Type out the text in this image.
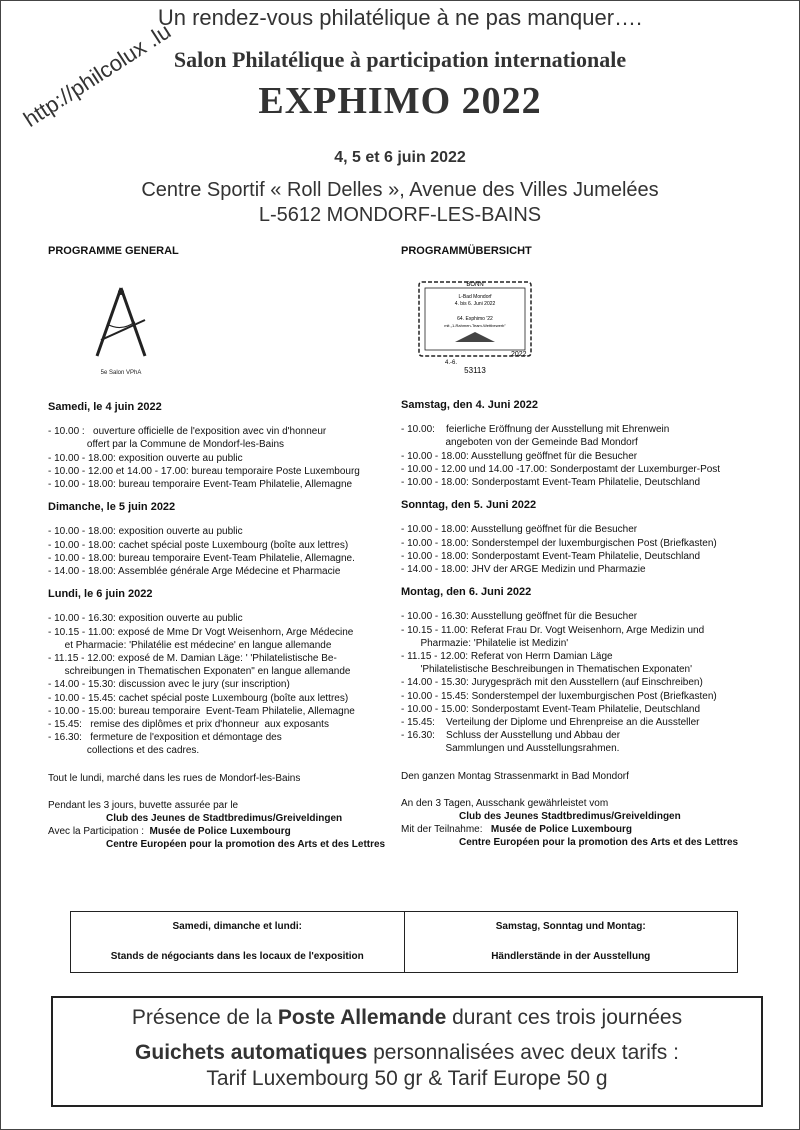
Un rendez-vous philatélique à ne pas manquer….
Salon Philatélique à participation internationale
EXPHIMO 2022
http://philcolux .lu
4, 5 et 6 juin 2022
Centre Sportif « Roll Delles », Avenue des Villes Jumelées
L-5612 MONDORF-LES-BAINS
PROGRAMME GENERAL	PROGRAMMÜBERSICHT
5e Salon VPhA
BONN
L-Bad Mondorf
4. bis 6. Juni 2022
64. Exphimo '22
mit „1-Rahmen-Team-Wettbewerb"
4.-6.
2022
53113
Samedi, le 4 juin 2022
- 10.00 :   ouverture officielle de l'exposition avec vin d'honneur
offert par la Commune de Mondorf-les-Bains
- 10.00 - 18.00: exposition ouverte au public
- 10.00 - 12.00 et 14.00 - 17.00: bureau temporaire Poste Luxembourg
- 10.00 - 18.00: bureau temporaire Event-Team Philatelie, Allemagne
Dimanche, le 5 juin 2022
- 10.00 - 18.00: exposition ouverte au public
- 10.00 - 18.00: cachet spécial poste Luxembourg (boîte aux lettres)
- 10.00 - 18.00: bureau temporaire Event-Team Philatelie, Allemagne.
- 14.00 - 18.00: Assemblée générale Arge Médecine et Pharmacie
Lundi, le 6 juin 2022
- 10.00 - 16.30: exposition ouverte au public
- 10.15 - 11.00: exposé de Mme Dr Vogt Weisenhorn, Arge Médecine
et Pharmacie: 'Philatélie est médecine' en langue allemande
- 11.15 - 12.00: exposé de M. Damian Läge: ' 'Philatelistische Be-
schreibungen in Thematischen Exponaten" en langue allemande
- 14.00 - 15.30: discussion avec le jury (sur inscription)
- 10.00 - 15.45: cachet spécial poste Luxembourg (boîte aux lettres)
- 10.00 - 15.00: bureau temporaire  Event-Team Philatelie, Allemagne
- 15.45:   remise des diplômes et prix d'honneur  aux exposants
- 16.30:   fermeture de l'exposition et démontage des
collections et des cadres.
Tout le lundi, marché dans les rues de Mondorf-les-Bains
Pendant les 3 jours, buvette assurée par le
Club des Jeunes de Stadtbredimus/Greiveldingen
Avec la Participation : Musée de Police Luxembourg
Centre Européen pour la promotion des Arts et des Lettres
Samstag, den 4. Juni 2022
- 10.00:    feierliche Eröffnung der Ausstellung mit Ehrenwein
angeboten von der Gemeinde Bad Mondorf
- 10.00 - 18.00: Ausstellung geöffnet für die Besucher
- 10.00 - 12.00 und 14.00 -17.00: Sonderpostamt der Luxemburger-Post
- 10.00 - 18.00: Sonderpostamt Event-Team Philatelie, Deutschland
Sonntag, den 5. Juni 2022
- 10.00 - 18.00: Ausstellung geöffnet für die Besucher
- 10.00 - 18.00: Sonderstempel der luxemburgischen Post (Briefkasten)
- 10.00 - 18.00: Sonderpostamt Event-Team Philatelie, Deutschland
- 14.00 - 18.00: JHV der ARGE Medizin und Pharmazie
Montag, den 6. Juni 2022
- 10.00 - 16.30: Ausstellung geöffnet für die Besucher
- 10.15 - 11.00: Referat Frau Dr. Vogt Weisenhorn, Arge Medizin und
Pharmazie: 'Philatelie ist Medizin'
- 11.15 - 12.00: Referat von Herrn Damian Läge
'Philatelistische Beschreibungen in Thematischen Exponaten'
- 14.00 - 15.30: Jurygespräch mit den Ausstellern (auf Einschreiben)
- 10.00 - 15.45: Sonderstempel der luxemburgischen Post (Briefkasten)
- 10.00 - 15.00: Sonderpostamt Event-Team Philatelie, Deutschland
- 15.45:    Verteilung der Diplome und Ehrenpreise an die Aussteller
- 16.30:    Schluss der Ausstellung und Abbau der
Sammlungen und Ausstellungsrahmen.
Den ganzen Montag Strassenmarkt in Bad Mondorf
An den 3 Tagen, Ausschank gewährleistet vom
Club des Jeunes Stadtbredimus/Greiveldingen
Mit der Teilnahme: Musée de Police Luxembourg
Centre Européen pour la promotion des Arts et des Lettres
Samedi, dimanche et lundi:
Stands de négociants dans les locaux de l'exposition
Samstag, Sonntag und Montag:
Händlerstände in der Ausstellung
Présence de la Poste Allemande durant ces trois journées
Guichets automatiques personnalisées avec deux tarifs :
Tarif Luxembourg 50 gr & Tarif Europe 50 g
